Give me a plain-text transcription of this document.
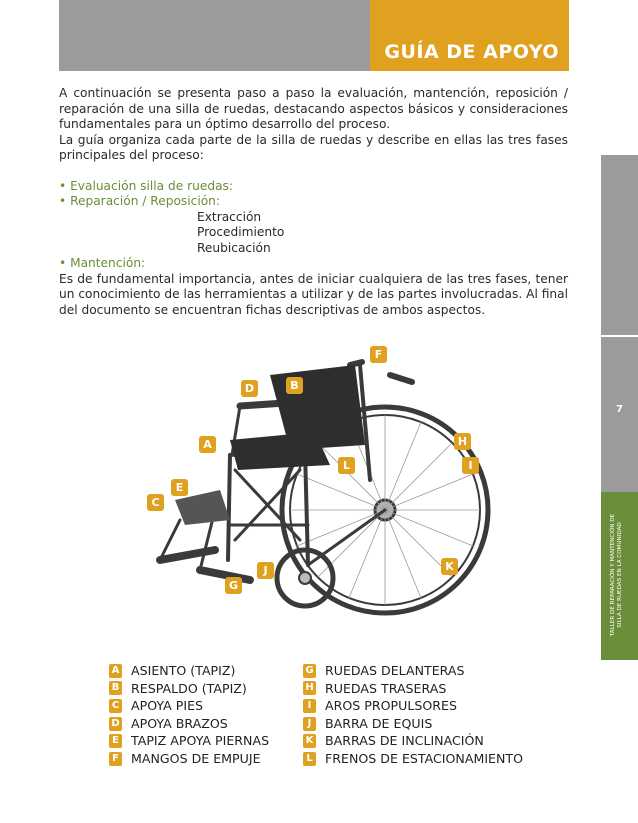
GUÍA DE APOYO
7
TALLER DE REPARACIÓN Y MANTENCIÓN DE SILLA DE RUEDAS EN LA COMUNIDAD

A continuación se presenta paso a paso la evaluación, mantención, reposición / reparación de una silla de ruedas, destacando aspectos básicos y consideraciones fundamentales para un óptimo desarrollo del proceso.

La guía organiza cada parte de la silla de ruedas y describe en ellas las tres fases principales del proceso:

• Evaluación silla de ruedas:
• Reparación / Reposición:
Extracción
Procedimiento
Reubicación
• Mantención:

Es de fundamental importancia, antes de iniciar cualquiera de las tres fases, tener un conocimiento de las herramientas a utilizar y de las partes involucradas. Al final del documento se encuentran fichas descriptivas de ambos aspectos.

F
D	B
A	H
L	I
E
C
K
J
G
A ASIENTO (TAPIZ)
B RESPALDO (TAPIZ)
C APOYA PIES
D APOYA BRAZOS
E TAPIZ APOYA PIERNAS
F MANGOS DE EMPUJE
G RUEDAS DELANTERAS
H RUEDAS TRASERAS
I	AROS PROPULSORES
J	BARRA DE EQUIS
K BARRAS DE INCLINACIÓN
L FRENOS DE ESTACIONAMIENTO
